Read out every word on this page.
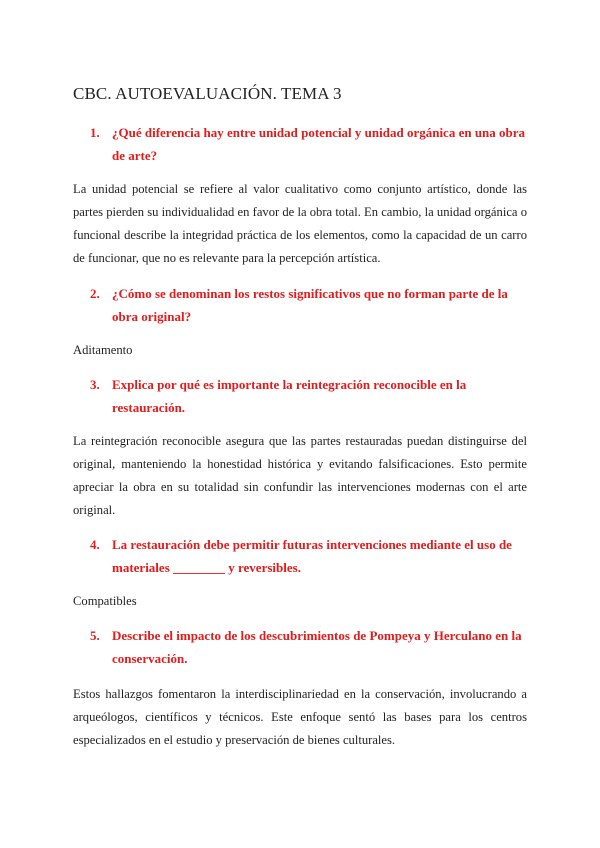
CBC. AUTOEVALUACIÓN. TEMA 3
1. ¿Qué diferencia hay entre unidad potencial y unidad orgánica en una obra
de arte?
La unidad potencial se refiere al valor cualitativo como conjunto artístico, donde las partes pierden su individualidad en favor de la obra total. En cambio, la unidad orgánica o funcional describe la integridad práctica de los elementos, como la capacidad de un carro de funcionar, que no es relevante para la percepción artística.
2. ¿Cómo se denominan los restos significativos que no forman parte de la
obra original?
Aditamento
3. Explica por qué es importante la reintegración reconocible en la
restauración.
La reintegración reconocible asegura que las partes restauradas puedan distinguirse del original, manteniendo la honestidad histórica y evitando falsificaciones. Esto permite apreciar la obra en su totalidad sin confundir las intervenciones modernas con el arte original.
4. La restauración debe permitir futuras intervenciones mediante el uso de
materiales ________ y reversibles.
Compatibles
5. Describe el impacto de los descubrimientos de Pompeya y Herculano en la
conservación.
Estos hallazgos fomentaron la interdisciplinariedad en la conservación, involucrando a arqueólogos, científicos y técnicos. Este enfoque sentó las bases para los centros especializados en el estudio y preservación de bienes culturales.
